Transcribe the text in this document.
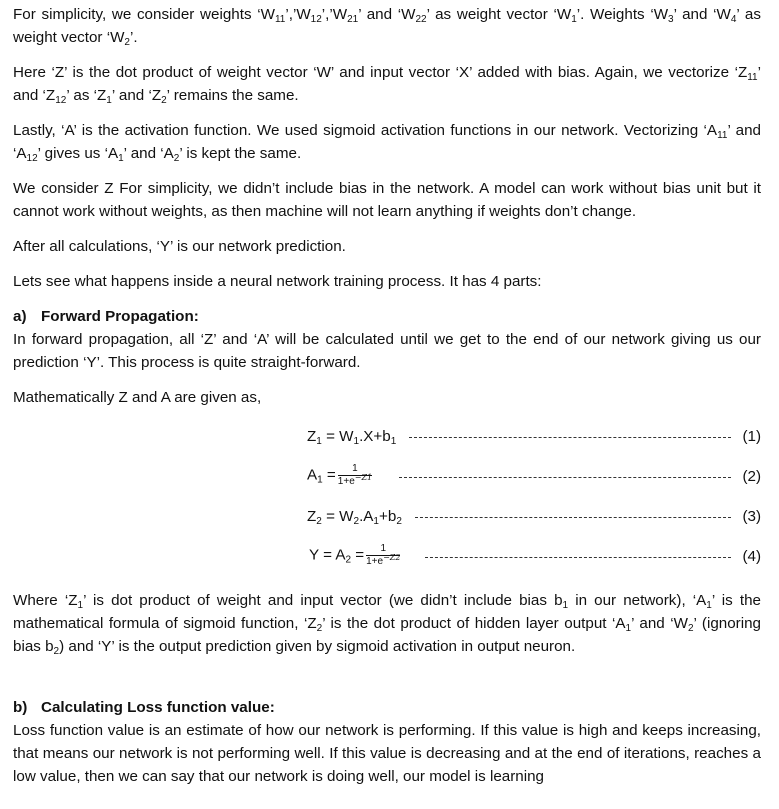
For simplicity, we consider weights ‘$W_{11}’,’W_{12}’,’W_{21}$’ and ‘$W_{22}$’ as weight vector ‘$W_1$’. Weights ‘$W_3$’ and ‘$W_4$’ as weight vector ‘$W_2$’.

Here ‘Z’ is the dot product of weight vector ‘W’ and input vector ‘X’ added with bias. Again, we vectorize ‘$Z_{11}$’ and ‘$Z_{12}$’ as ‘$Z_1$’ and ‘$Z_2$’ remains the same.

Lastly, ‘A’ is the activation function. We used sigmoid activation functions in our network. Vectorizing ‘$A_{11}$’ and ‘$A_{12}$’ gives us ‘$A_1$’ and ‘$A_2$’ is kept the same.

We consider Z For simplicity, we didn’t include bias in the network. A model can work without bias unit but it cannot work without weights, as then machine will not learn anything if weights don’t change.

After all calculations, ‘Y’ is our network prediction.

Lets see what happens inside a neural network training process. It has 4 parts:

a) Forward Propagation:

In forward propagation, all ‘Z’ and ‘A’ will be calculated until we get to the end of our network giving us our prediction ‘Y’. This process is quite straight-forward.

Mathematically Z and A are given as,

$Z_1 = W_1.X+b_1$	(1)
$A_1 = \frac{1}{1+e^{-Z1}}$	(2)
$Z_2 = W_2.A_1+b_2$	(3)
$Y = A_2 = \frac{1}{1+e^{-Z2}}$	(4)

Where ‘$Z_1$’ is dot product of weight and input vector (we didn’t include bias $b_1$ in our network), ‘$A_1$’ is the mathematical formula of sigmoid function, ‘$Z_2$’ is the dot product of hidden layer output ‘$A_1$’ and ‘$W_2$’ (ignoring bias $b_2$) and ‘Y’ is the output prediction given by sigmoid activation in output neuron.

b) Calculating Loss function value:

Loss function value is an estimate of how our network is performing. If this value is high and keeps increasing, that means our network is not performing well. If this value is decreasing and at the end of iterations, reaches a low value, then we can say that our network is doing well, our model is learning
